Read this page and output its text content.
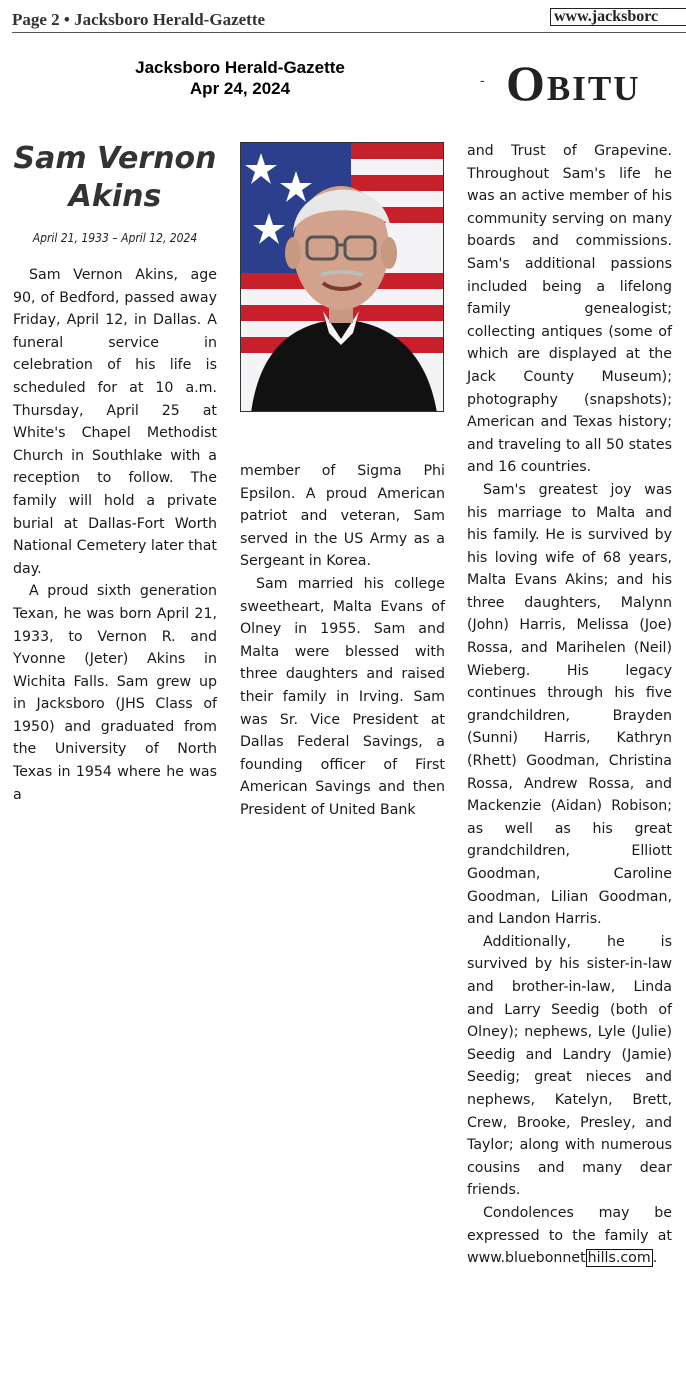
Page 2 • Jacksboro Herald-Gazette	www.jacksborc
Jacksboro Herald-Gazette
Apr 24, 2024	- Obitu
Sam Vernon Akins
April 21, 1933 – April 12, 2024

Sam Vernon Akins, age 90, of Bedford, passed away Friday, April 12, in Dallas. A funeral service in celebration of his life is scheduled for at 10 a.m. Thursday, April 25 at White's Chapel Methodist Church in Southlake with a reception to follow. The family will hold a private burial at Dallas-Fort Worth National Cemetery later that day.

A proud sixth generation Texan, he was born April 21, 1933, to Vernon R. and Yvonne (Jeter) Akins in Wichita Falls. Sam grew up in Jacksboro (JHS Class of 1950) and graduated from the University of North Texas in 1954 where he was a

member of Sigma Phi Epsilon. A proud American patriot and veteran, Sam served in the US Army as a Sergeant in Korea.

Sam married his college sweetheart, Malta Evans of Olney in 1955. Sam and Malta were blessed with three daughters and raised their family in Irving. Sam was Sr. Vice President at Dallas Federal Savings, a founding officer of First American Savings and then President of United Bank

and Trust of Grapevine. Throughout Sam's life he was an active member of his community serving on many boards and commissions. Sam's additional passions included being a lifelong family genealogist; collecting antiques (some of which are displayed at the Jack County Museum); photography (snapshots); American and Texas history; and traveling to all 50 states and 16 countries.

Sam's greatest joy was his marriage to Malta and his family. He is survived by his loving wife of 68 years, Malta Evans Akins; and his three daughters, Malynn (John) Harris, Melissa (Joe) Rossa, and Marihelen (Neil) Wieberg. His legacy continues through his five grandchildren, Brayden (Sunni) Harris, Kathryn (Rhett) Goodman, Christina Rossa, Andrew Rossa, and Mackenzie (Aidan) Robison; as well as his great grandchildren, Elliott Goodman, Caroline Goodman, Lilian Goodman, and Landon Harris.

Additionally, he is survived by his sister-in-law and brother-in-law, Linda and Larry Seedig (both of Olney); nephews, Lyle (Julie) Seedig and Landry (Jamie) Seedig; great nieces and nephews, Katelyn, Brett, Crew, Brooke, Presley, and Taylor; along with numerous cousins and many dear friends.

Condolences may be expressed to the family at www.bluebonnet hills.com .
